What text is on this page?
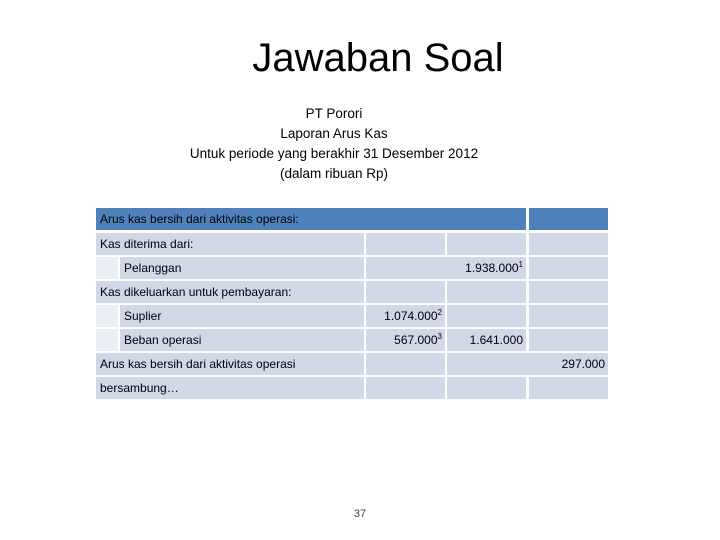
Jawaban Soal
PT Porori
Laporan Arus Kas
Untuk periode yang berakhir 31 Desember 2012
(dalam ribuan Rp)
Arus kas bersih dari aktivitas operasi:
Kas diterima dari:
Pelanggan	1.938.000$^1$
Kas dikeluarkan untuk pembayaran:
Suplier	1.074.000$^2$
Beban operasi	567.000$^3$	1.641.000
Arus kas bersih dari aktivitas operasi	297.000
bersambung…
37
